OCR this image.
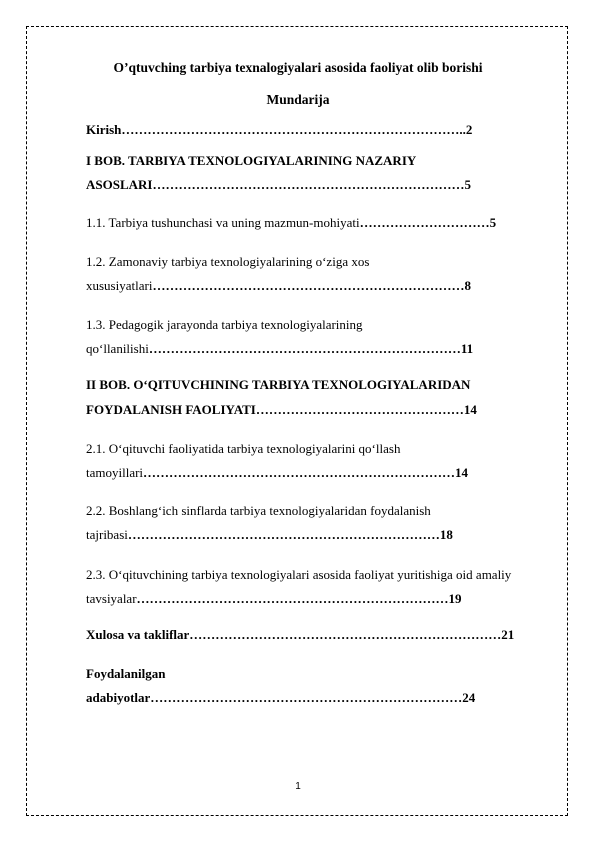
O’qtuvching tarbiya texnalogiyalari asosida faoliyat olib borishi
Mundarija
Kirish……………………………………………………………………..2
I BOB. TARBIYA TEXNOLOGIYALARINING NAZARIY
ASOSLARI………………………………………………………………5
1.1. Tarbiya tushunchasi va uning mazmun-mohiyati…………………………5
1.2. Zamonaviy tarbiya texnologiyalarining o‘ziga xos
xususiyatlari………………………………………………………………8
1.3. Pedagogik jarayonda tarbiya texnologiyalarining
qo‘llanilishi………………………………………………………………11
II BOB. O‘QITUVCHINING TARBIYA TEXNOLOGIYALARIDAN
FOYDALANISH FAOLIYATI…………………………………………14
2.1. O‘qituvchi faoliyatida tarbiya texnologiyalarini qo‘llash
tamoyillari………………………………………………………………14
2.2. Boshlang‘ich sinflarda tarbiya texnologiyalaridan foydalanish
tajribasi………………………………………………………………18
2.3. O‘qituvchining tarbiya texnologiyalari asosida faoliyat yuritishiga oid amaliy
tavsiyalar………………………………………………………………19
Xulosa va takliflar………………………………………………………………21
Foydalanilgan
adabiyotlar………………………………………………………………24
1
